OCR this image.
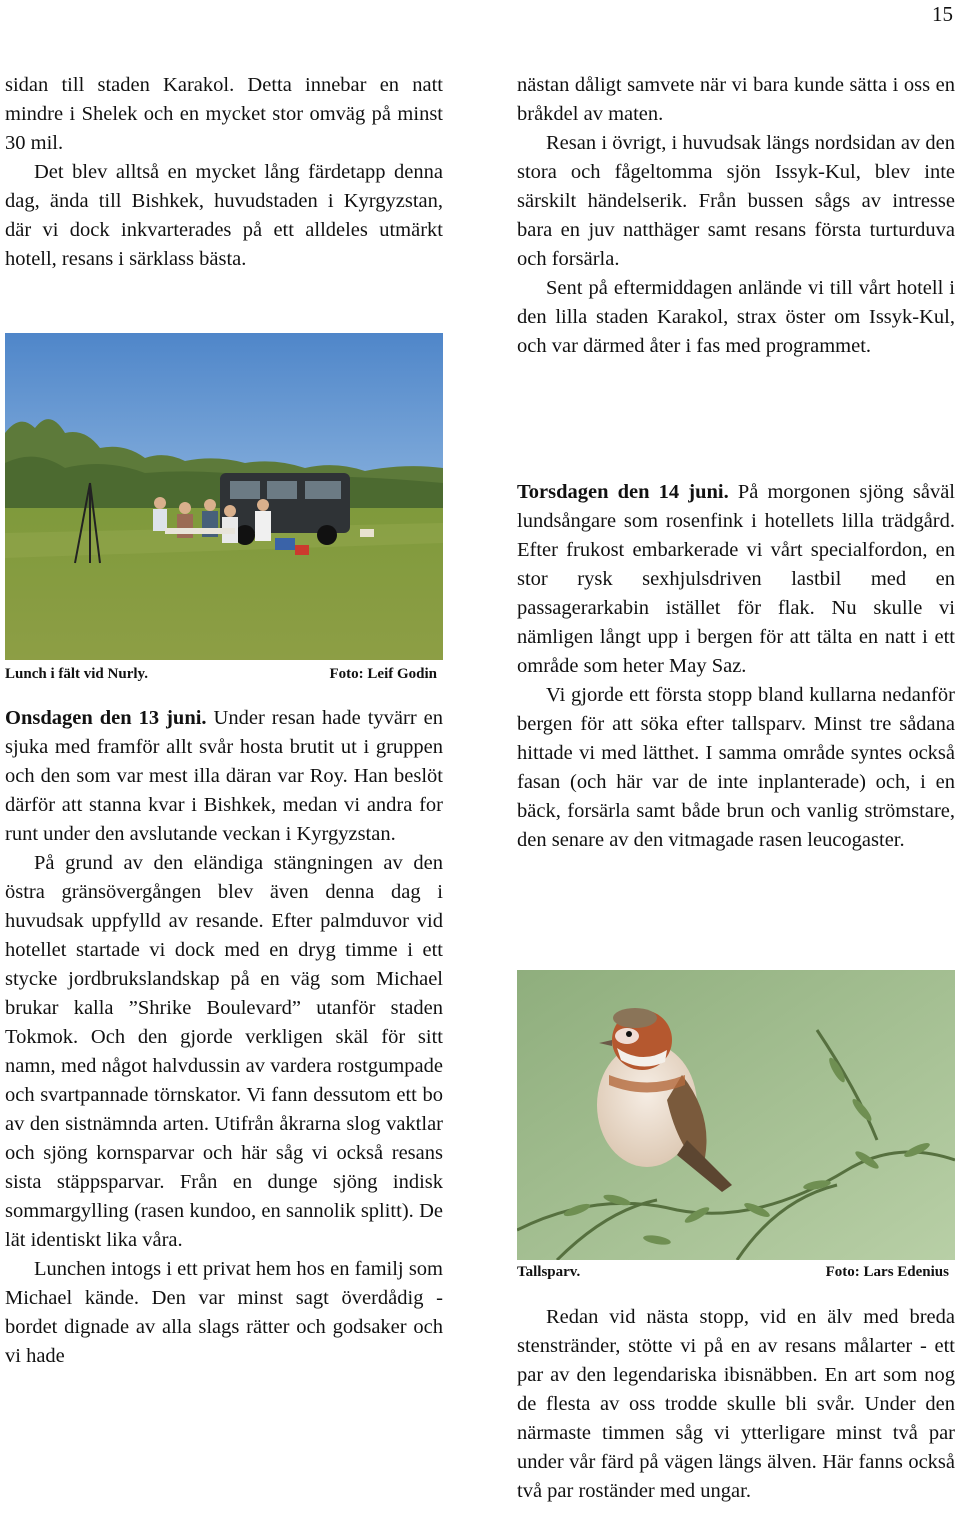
15

sidan till staden Karakol. Detta innebar en natt mindre i Shelek och en mycket stor omväg på minst 30 mil.

Det blev alltså en mycket lång färdetapp denna dag, ända till Bishkek, huvudstaden i Kyrgyzstan, där vi dock inkvarterades på ett alldeles utmärkt hotell, resans i särklass bästa.

Lunch i fält vid Nurly.	Foto: Leif Godin

Onsdagen den 13 juni. Under resan hade tyvärr en sjuka med framför allt svår hosta brutit ut i gruppen och den som var mest illa däran var Roy. Han beslöt därför att stanna kvar i Bishkek, medan vi andra for runt under den avslutande veckan i Kyrgyzstan.

På grund av den eländiga stängningen av den östra gränsövergången blev även denna dag i huvudsak uppfylld av resande. Efter palmduvor vid hotellet startade vi dock med en dryg timme i ett stycke jordbrukslandskap på en väg som Michael brukar kalla ”Shrike Boulevard” utanför staden Tokmok. Och den gjorde verkligen skäl för sitt namn, med något halvdussin av vardera rostgumpade och svartpannade törnskator. Vi fann dessutom ett bo av den sistnämnda arten. Utifrån åkrarna slog vaktlar och sjöng kornsparvar och här såg vi också resans sista stäppsparvar. Från en dunge sjöng indisk sommargylling (rasen kundoo, en sannolik splitt). De lät identiskt lika våra.

Lunchen intogs i ett privat hem hos en familj som Michael kände. Den var minst sagt överdådig - bordet dignade av alla slags rätter och godsaker och vi hade

nästan dåligt samvete när vi bara kunde sätta i oss en bråkdel av maten.

Resan i övrigt, i huvudsak längs nordsidan av den stora och fågeltomma sjön Issyk-Kul, blev inte särskilt händelserik. Från bussen sågs av intresse bara en juv natthäger samt resans första turturduva och forsärla.

Sent på eftermiddagen anlände vi till vårt hotell i den lilla staden Karakol, strax öster om Issyk-Kul, och var därmed åter i fas med programmet.

Torsdagen den 14 juni. På morgonen sjöng såväl lundsångare som rosenfink i hotellets lilla trädgård. Efter frukost embarkerade vi vårt specialfordon, en stor rysk sexhjulsdriven lastbil med en passagerarkabin istället för flak. Nu skulle vi nämligen långt upp i bergen för att tälta en natt i ett område som heter May Saz.

Vi gjorde ett första stopp bland kullarna nedanför bergen för att söka efter tallsparv. Minst tre sådana hittade vi med lätthet. I samma område syntes också fasan (och här var de inte inplanterade) och, i en bäck, forsärla samt både brun och vanlig strömstare, den senare av den vitmagade rasen leucogaster.

Tallsparv.	Foto: Lars Edenius

Redan vid nästa stopp, vid en älv med breda stenstränder, stötte vi på en av resans målarter - ett par av den legendariska ibisnäbben. En art som nog de flesta av oss trodde skulle bli svår. Under den närmaste timmen såg vi ytterligare minst två par under vår färd på vägen längs älven. Här fanns också två par roständer med ungar.
